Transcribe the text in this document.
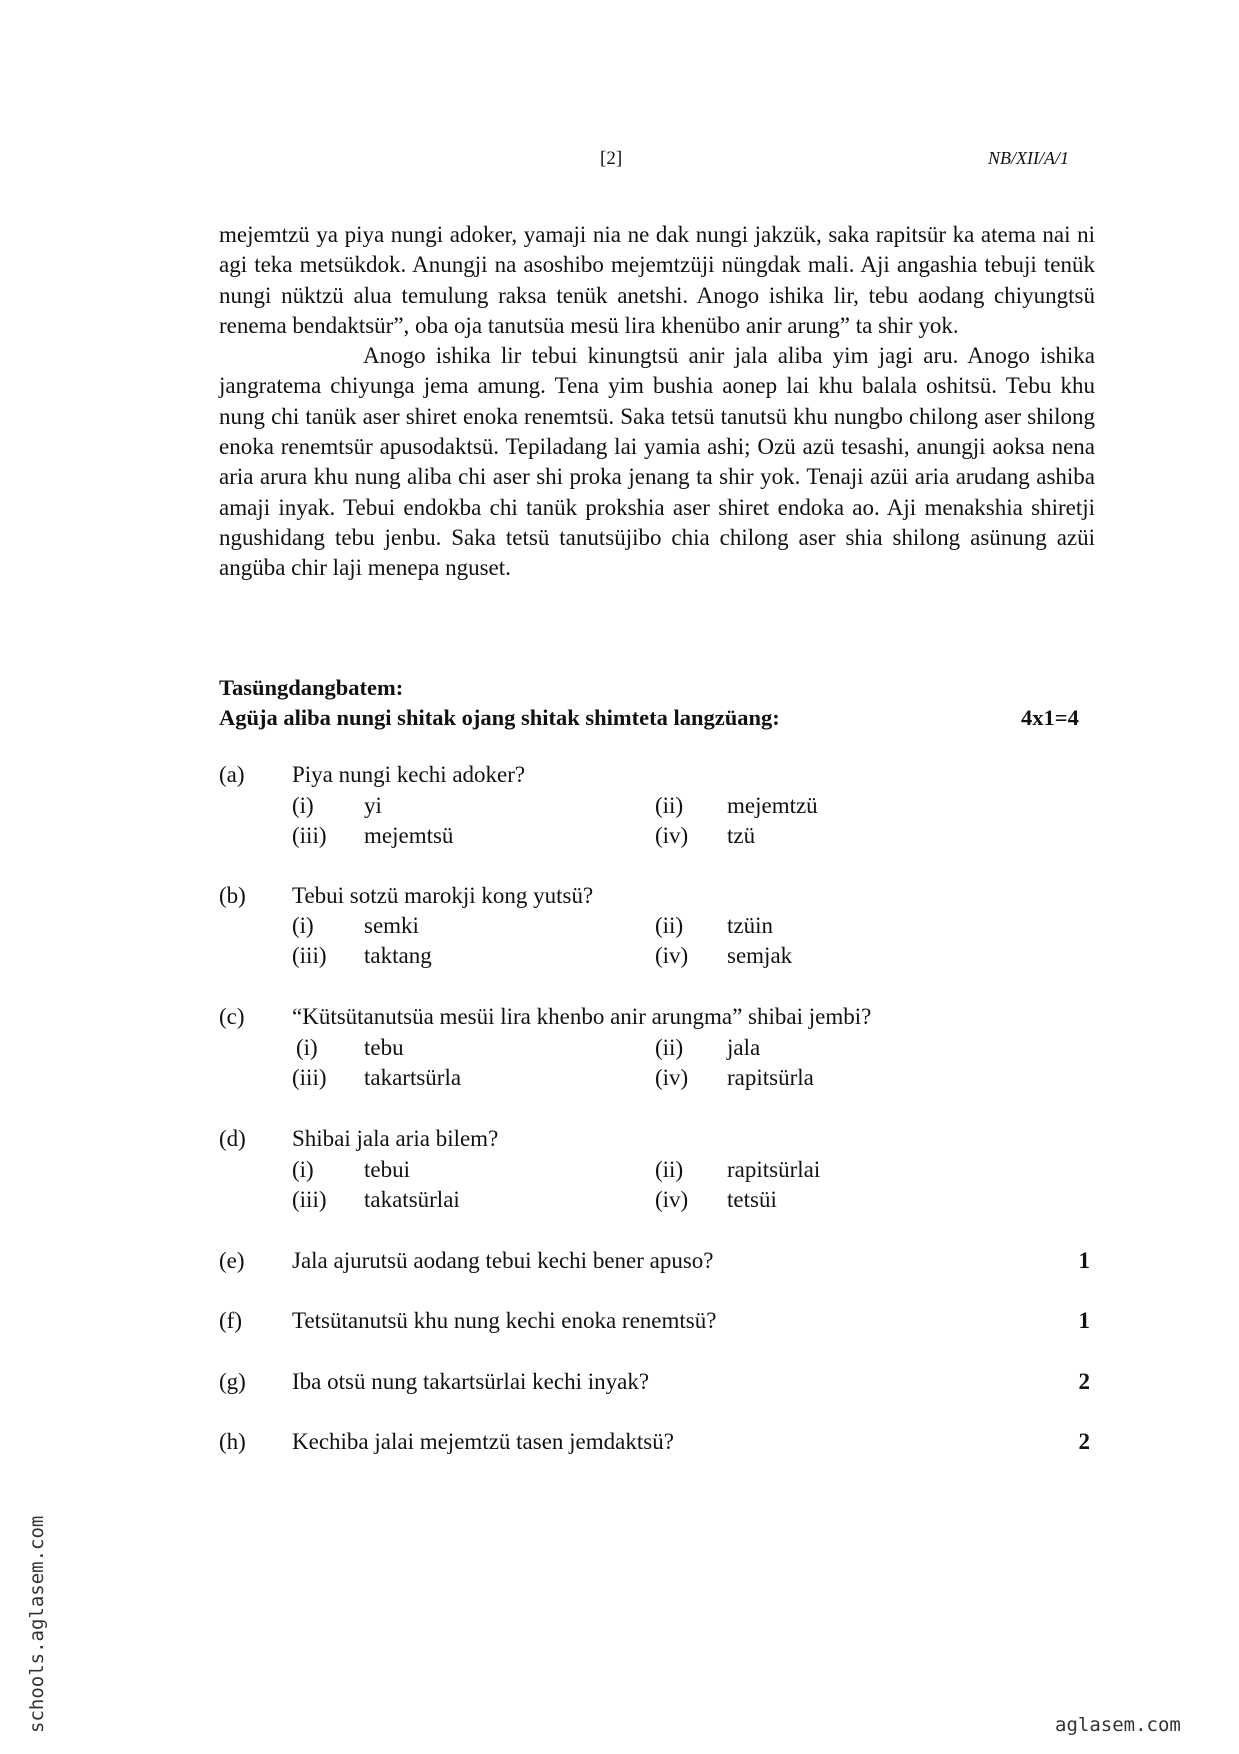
[2]	NB/XII/A/1

mejemtzü ya piya nungi adoker, yamaji nia ne dak nungi jakzük, saka rapitsür ka atema nai ni agi teka metsükdok. Anungji na asoshibo mejemtzüji nüngdak mali. Aji angashia tebuji tenük nungi nüktzü alua temulung raksa tenük anetshi. Anogo ishika lir, tebu aodang chiyungtsü renema bendaktsür”, oba oja tanutsüa mesü lira khenübo anir arung” ta shir yok.

Anogo ishika lir tebui kinungtsü anir jala aliba yim jagi aru. Anogo ishika jangratema chiyunga jema amung. Tena yim bushia aonep lai khu balala oshitsü. Tebu khu nung chi tanük aser shiret enoka renemtsü. Saka tetsü tanutsü khu nungbo chilong aser shilong enoka renemtsür apusodaktsü. Tepiladang lai yamia ashi; Ozü azü tesashi, anungji aoksa nena aria arura khu nung aliba chi aser shi proka jenang ta shir yok. Tenaji azüi aria arudang ashiba amaji inyak. Tebui endokba chi tanük prokshia aser shiret endoka ao. Aji menakshia shiretji ngushidang tebu jenbu. Saka tetsü tanutsüjibo chia chilong aser shia shilong asünung azüi angüba chir laji menepa nguset.

Tasüngdangbatem:
Agüja aliba nungi shitak ojang shitak shimteta langzüang:	4x1=4
(a) Piya nungi kechi adoker?
(i) yi	(ii) mejemtzü
(iii) mejemtsü	(iv) tzü
(b) Tebui sotzü marokji kong yutsü?
(i) semki	(ii) tzüin
(iii) taktang	(iv) semjak
(c) “Kütsütanutsüa mesüi lira khenbo anir arungma” shibai jembi?
(i) tebu	(ii) jala
(iii) takartsürla	(iv) rapitsürla
(d) Shibai jala aria bilem?
(i) tebui	(ii) rapitsürlai
(iii) takatsürlai	(iv) tetsüi
(e) Jala ajurutsü aodang tebui kechi bener apuso?	1
(f) Tetsütanutsü khu nung kechi enoka renemtsü?	1
(g) Iba otsü nung takartsürlai kechi inyak?	2
(h) Kechiba jalai mejemtzü tasen jemdaktsü?	2
schools.aglasem.com	aglasem.com
